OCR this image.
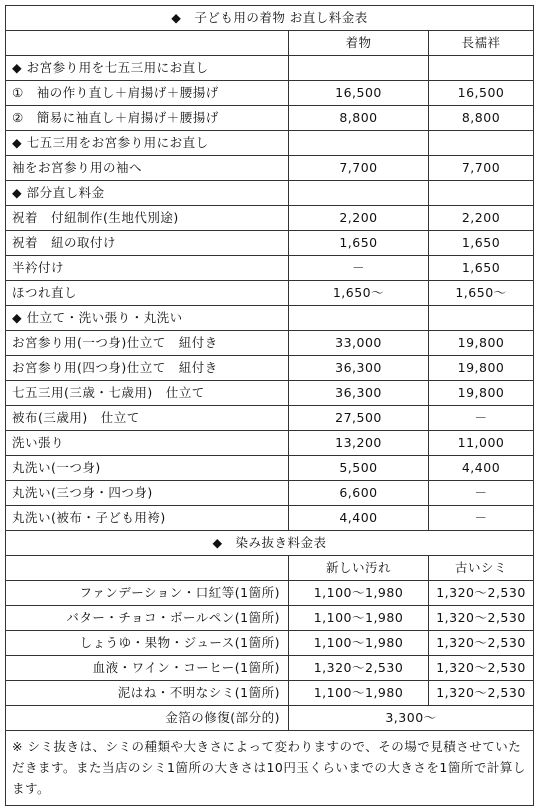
◆　子ども用の着物 お直し料金表		
	着物	長襦袢
◆ お宮参り用を七五三用にお直し		
①　袖の作り直し＋肩揚げ＋腰揚げ	16,500	16,500
②　簡易に袖直し＋肩揚げ＋腰揚げ	8,800	8,800
◆ 七五三用をお宮参り用にお直し		
袖をお宮参り用の袖へ	7,700	7,700
◆ 部分直し料金		
祝着　付紐制作(生地代別途)	2,200	2,200
祝着　紐の取付け	1,650	1,650
半衿付け	－	1,650
ほつれ直し	1,650～	1,650～
◆ 仕立て・洗い張り・丸洗い		
お宮参り用(一つ身)仕立て　紐付き	33,000	19,800
お宮参り用(四つ身)仕立て　紐付き	36,300	19,800
七五三用(三歳・七歳用)　仕立て	36,300	19,800
被布(三歳用)　仕立て	27,500	－
洗い張り	13,200	11,000
丸洗い(一つ身)	5,500	4,400
丸洗い(三つ身・四つ身)	6,600	－
丸洗い(被布・子ども用袴)	4,400	－
◆　染み抜き料金表		
	新しい汚れ	古いシミ
ファンデーション・口紅等(1箇所)	1,100～1,980	1,320～2,530
バター・チョコ・ボールペン(1箇所)	1,100～1,980	1,320～2,530
しょうゆ・果物・ジュース(1箇所)	1,100～1,980	1,320～2,530
血液・ワイン・コーヒー(1箇所)	1,320～2,530	1,320～2,530
泥はね・不明なシミ(1箇所)	1,100～1,980	1,320～2,530
金箔の修復(部分的)	3,300～	
※ シミ抜きは、シミの種類や大きさによって変わりますので、その場で見積させていただきます。また当店のシミ1箇所の大きさは10円玉くらいまでの大きさを1箇所で計算します。		
